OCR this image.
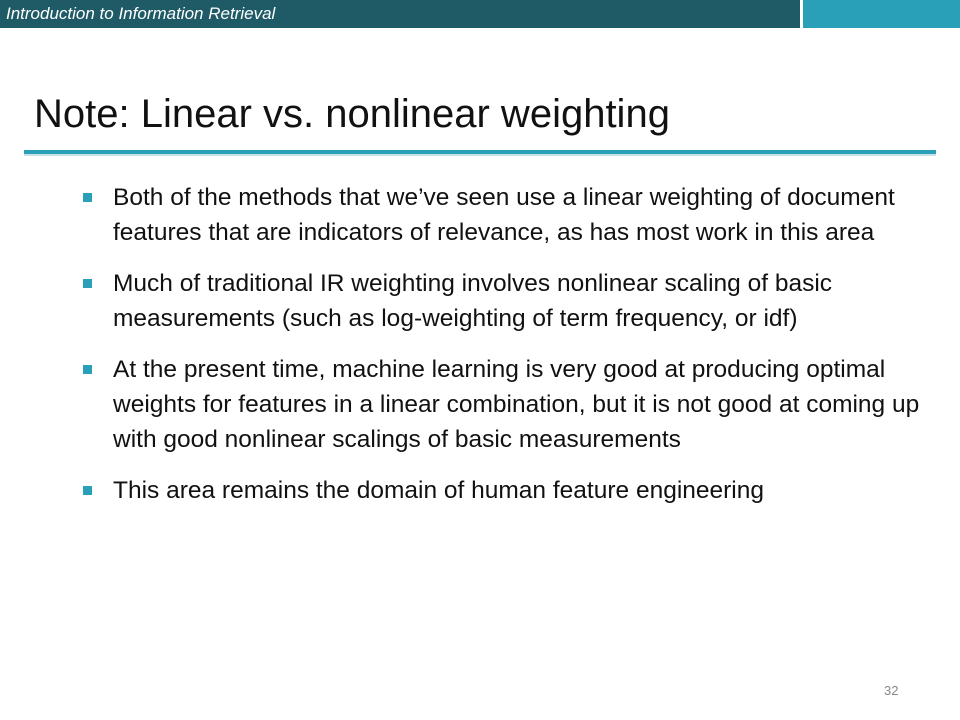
Introduction to Information Retrieval
Note: Linear vs. nonlinear weighting
Both of the methods that we’ve seen use a linear weighting of document features that are indicators of relevance, as has most work in this area
Much of traditional IR weighting involves nonlinear scaling of basic measurements (such as log-weighting of term frequency, or idf)
At the present time, machine learning is very good at producing optimal weights for features in a linear combination, but it is not good at coming up with good nonlinear scalings of basic measurements
This area remains the domain of human feature engineering
32
